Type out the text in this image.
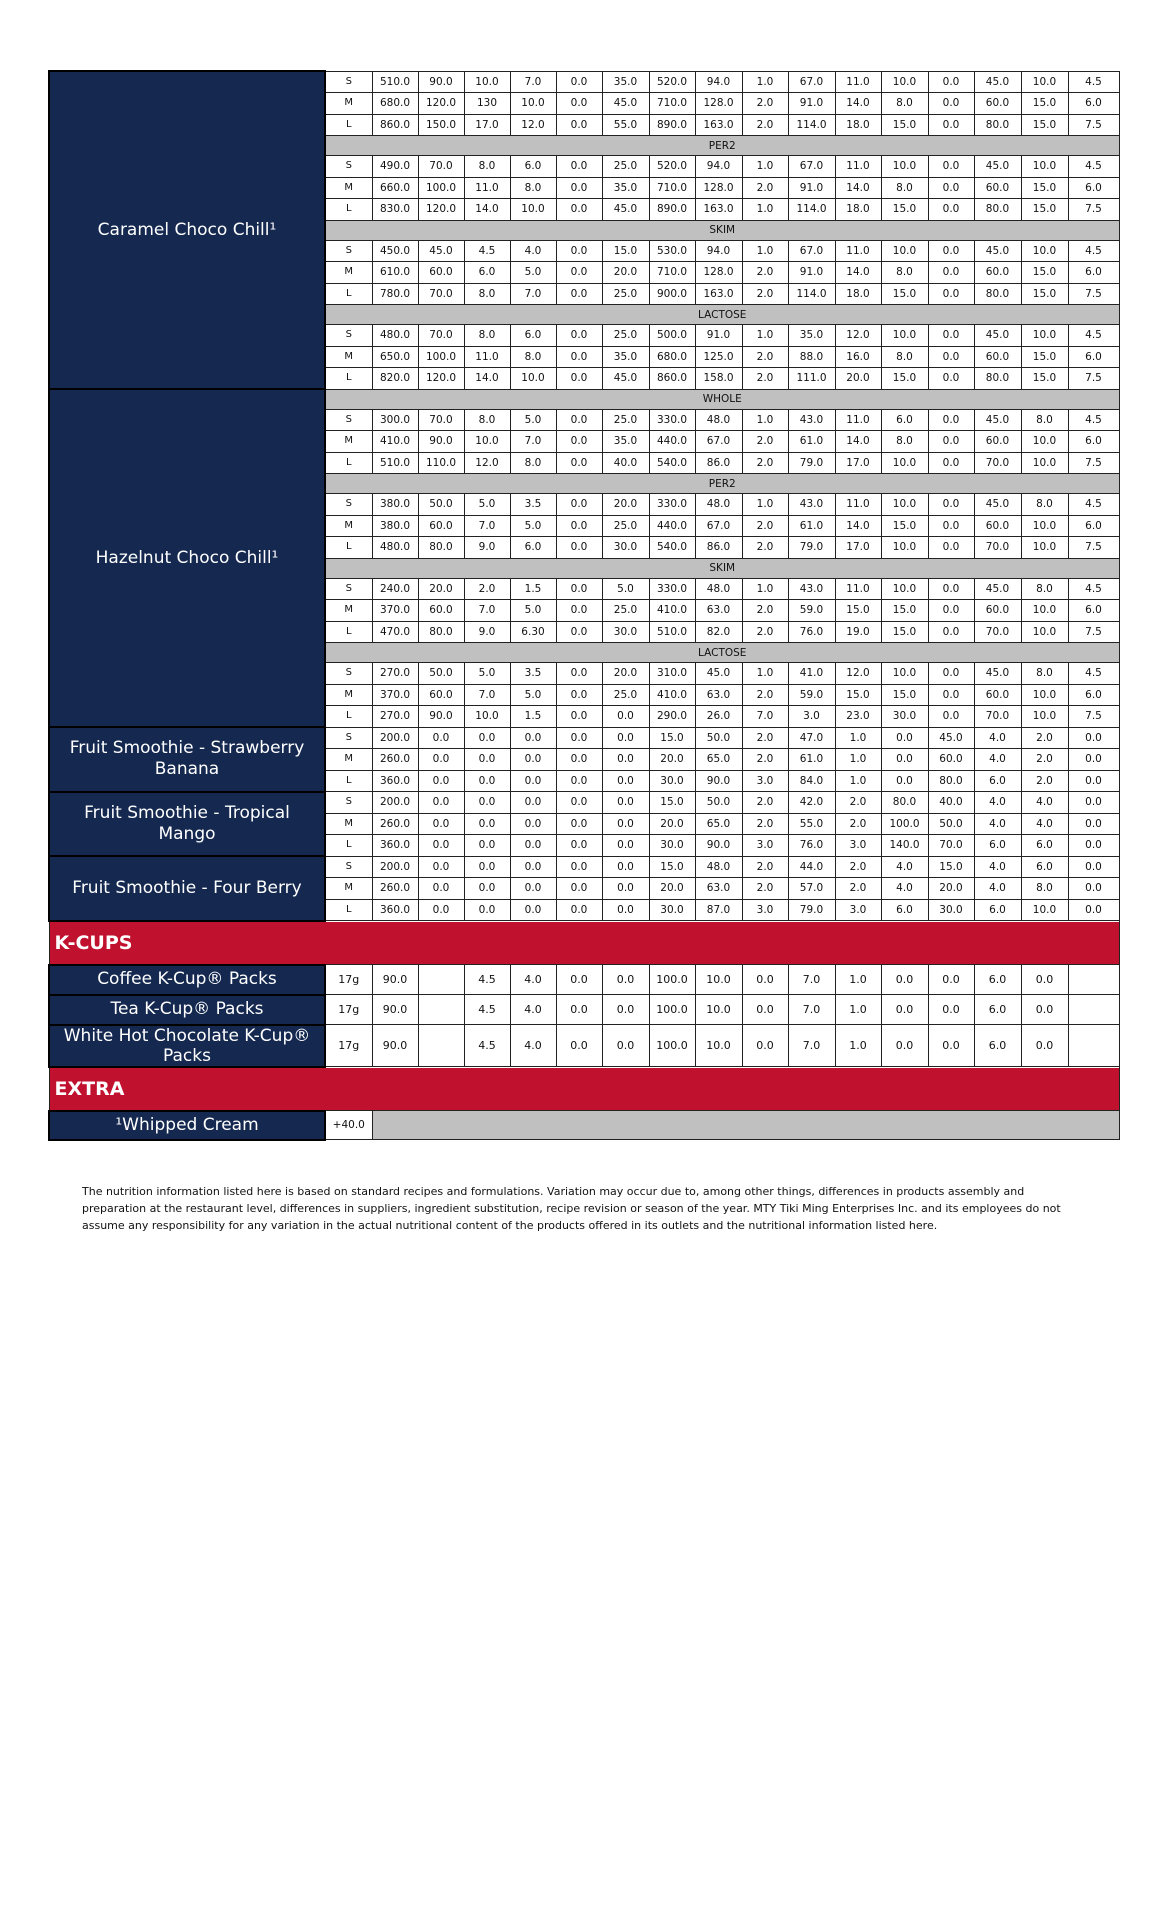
Caramel Choco Chill¹	S	510.0	90.0	10.0	7.0	0.0	35.0	520.0	94.0	1.0	67.0	11.0	10.0	0.0	45.0	10.0	4.5
	M	680.0	120.0	130	10.0	0.0	45.0	710.0	128.0	2.0	91.0	14.0	8.0	0.0	60.0	15.0	6.0
	L	860.0	150.0	17.0	12.0	0.0	55.0	890.0	163.0	2.0	114.0	18.0	15.0	0.0	80.0	15.0	7.5
	PER2																
	S	490.0	70.0	8.0	6.0	0.0	25.0	520.0	94.0	1.0	67.0	11.0	10.0	0.0	45.0	10.0	4.5
	M	660.0	100.0	11.0	8.0	0.0	35.0	710.0	128.0	2.0	91.0	14.0	8.0	0.0	60.0	15.0	6.0
	L	830.0	120.0	14.0	10.0	0.0	45.0	890.0	163.0	1.0	114.0	18.0	15.0	0.0	80.0	15.0	7.5
	SKIM																
	S	450.0	45.0	4.5	4.0	0.0	15.0	530.0	94.0	1.0	67.0	11.0	10.0	0.0	45.0	10.0	4.5
	M	610.0	60.0	6.0	5.0	0.0	20.0	710.0	128.0	2.0	91.0	14.0	8.0	0.0	60.0	15.0	6.0
	L	780.0	70.0	8.0	7.0	0.0	25.0	900.0	163.0	2.0	114.0	18.0	15.0	0.0	80.0	15.0	7.5
	LACTOSE																
	S	480.0	70.0	8.0	6.0	0.0	25.0	500.0	91.0	1.0	35.0	12.0	10.0	0.0	45.0	10.0	4.5
	M	650.0	100.0	11.0	8.0	0.0	35.0	680.0	125.0	2.0	88.0	16.0	8.0	0.0	60.0	15.0	6.0
	L	820.0	120.0	14.0	10.0	0.0	45.0	860.0	158.0	2.0	111.0	20.0	15.0	0.0	80.0	15.0	7.5
Hazelnut Choco Chill¹	WHOLE																
	S	300.0	70.0	8.0	5.0	0.0	25.0	330.0	48.0	1.0	43.0	11.0	6.0	0.0	45.0	8.0	4.5
	M	410.0	90.0	10.0	7.0	0.0	35.0	440.0	67.0	2.0	61.0	14.0	8.0	0.0	60.0	10.0	6.0
	L	510.0	110.0	12.0	8.0	0.0	40.0	540.0	86.0	2.0	79.0	17.0	10.0	0.0	70.0	10.0	7.5
	PER2																
	S	380.0	50.0	5.0	3.5	0.0	20.0	330.0	48.0	1.0	43.0	11.0	10.0	0.0	45.0	8.0	4.5
	M	380.0	60.0	7.0	5.0	0.0	25.0	440.0	67.0	2.0	61.0	14.0	15.0	0.0	60.0	10.0	6.0
	L	480.0	80.0	9.0	6.0	0.0	30.0	540.0	86.0	2.0	79.0	17.0	10.0	0.0	70.0	10.0	7.5
	SKIM																
	S	240.0	20.0	2.0	1.5	0.0	5.0	330.0	48.0	1.0	43.0	11.0	10.0	0.0	45.0	8.0	4.5
	M	370.0	60.0	7.0	5.0	0.0	25.0	410.0	63.0	2.0	59.0	15.0	15.0	0.0	60.0	10.0	6.0
	L	470.0	80.0	9.0	6.30	0.0	30.0	510.0	82.0	2.0	76.0	19.0	15.0	0.0	70.0	10.0	7.5
	LACTOSE																
	S	270.0	50.0	5.0	3.5	0.0	20.0	310.0	45.0	1.0	41.0	12.0	10.0	0.0	45.0	8.0	4.5
	M	370.0	60.0	7.0	5.0	0.0	25.0	410.0	63.0	2.0	59.0	15.0	15.0	0.0	60.0	10.0	6.0
	L	270.0	90.0	10.0	1.5	0.0	0.0	290.0	26.0	7.0	3.0	23.0	30.0	0.0	70.0	10.0	7.5
Fruit Smoothie - Strawberry Banana	S	200.0	0.0	0.0	0.0	0.0	0.0	15.0	50.0	2.0	47.0	1.0	0.0	45.0	4.0	2.0	0.0
	M	260.0	0.0	0.0	0.0	0.0	0.0	20.0	65.0	2.0	61.0	1.0	0.0	60.0	4.0	2.0	0.0
	L	360.0	0.0	0.0	0.0	0.0	0.0	30.0	90.0	3.0	84.0	1.0	0.0	80.0	6.0	2.0	0.0
Fruit Smoothie - Tropical Mango	S	200.0	0.0	0.0	0.0	0.0	0.0	15.0	50.0	2.0	42.0	2.0	80.0	40.0	4.0	4.0	0.0
	M	260.0	0.0	0.0	0.0	0.0	0.0	20.0	65.0	2.0	55.0	2.0	100.0	50.0	4.0	4.0	0.0
	L	360.0	0.0	0.0	0.0	0.0	0.0	30.0	90.0	3.0	76.0	3.0	140.0	70.0	6.0	6.0	0.0
Fruit Smoothie - Four Berry	S	200.0	0.0	0.0	0.0	0.0	0.0	15.0	48.0	2.0	44.0	2.0	4.0	15.0	4.0	6.0	0.0
	M	260.0	0.0	0.0	0.0	0.0	0.0	20.0	63.0	2.0	57.0	2.0	4.0	20.0	4.0	8.0	0.0
	L	360.0	0.0	0.0	0.0	0.0	0.0	30.0	87.0	3.0	79.0	3.0	6.0	30.0	6.0	10.0	0.0
K-CUPS																	
Coffee K-Cup® Packs	17g	90.0		4.5	4.0	0.0	0.0	100.0	10.0	0.0	7.0	1.0	0.0	0.0	6.0	0.0	
Tea K-Cup® Packs	17g	90.0		4.5	4.0	0.0	0.0	100.0	10.0	0.0	7.0	1.0	0.0	0.0	6.0	0.0	
White Hot Chocolate K-Cup® Packs	17g	90.0		4.5	4.0	0.0	0.0	100.0	10.0	0.0	7.0	1.0	0.0	0.0	6.0	0.0	
EXTRA																	
¹Whipped Cream	+40.0																
The nutrition information listed here is based on standard recipes and formulations. Variation may occur due to, among other things, differences in products assembly and preparation at the restaurant level, differences in suppliers, ingredient substitution, recipe revision or season of the year. MTY Tiki Ming Enterprises Inc. and its employees do not assume any responsibility for any variation in the actual nutritional content of the products offered in its outlets and the nutritional information listed here.
